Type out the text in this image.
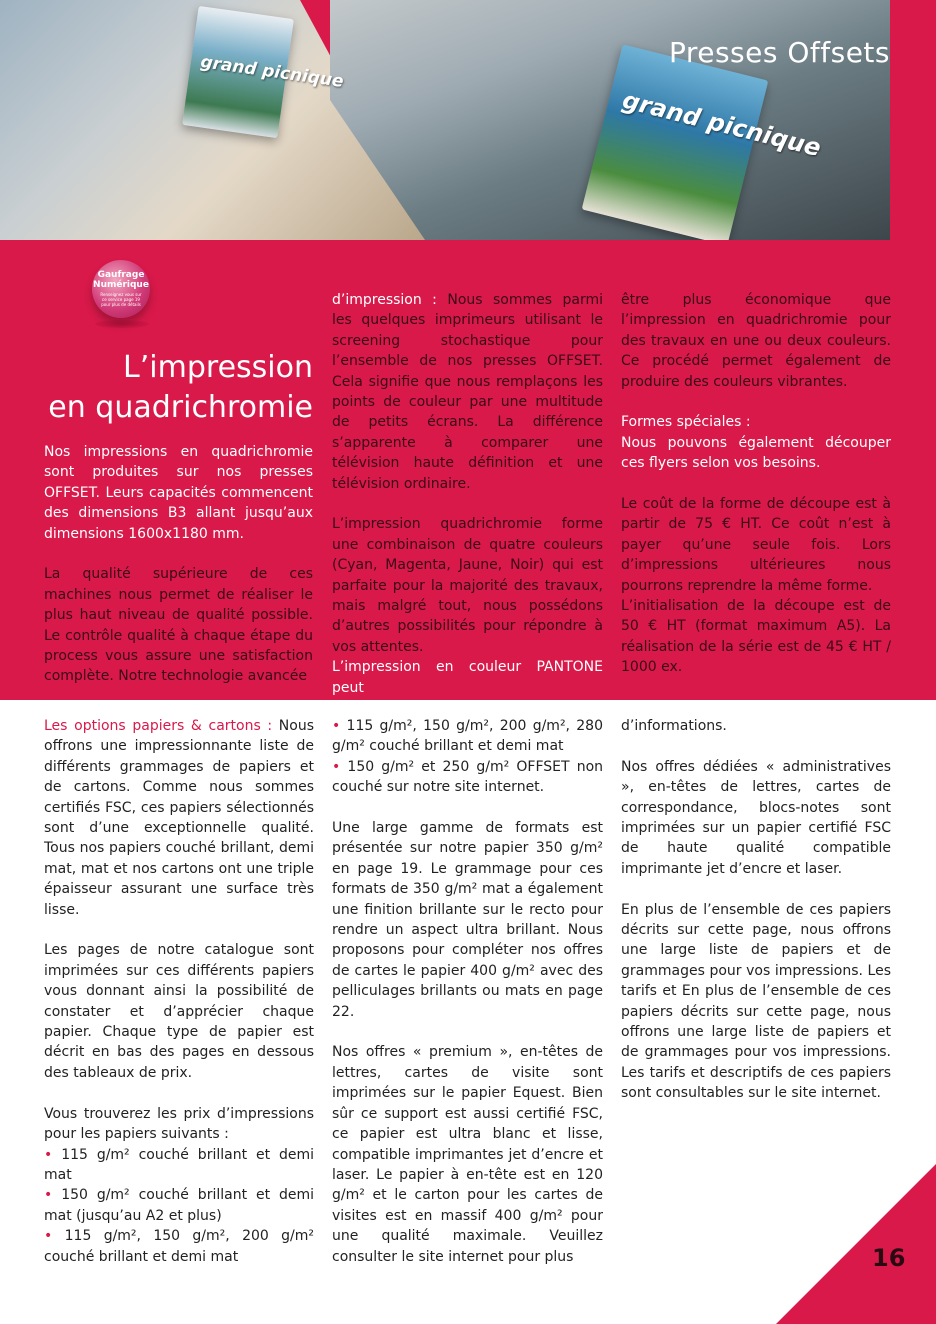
grand picnique
grand picnique
Presses Offsets
Gaufrage
Numérique
Renseignez vous sur ce service page 19 pour plus de détails
L’impression
en quadrichromie

Nos impressions en quadrichromie sont produites sur nos presses OFFSET. Leurs capacités commencent des dimensions B3 allant jusqu’aux dimensions 1600x1180 mm.

La qualité supérieure de ces machines nous permet de réaliser le plus haut niveau de qualité possible. Le contrôle qualité à chaque étape du process vous assure une satisfaction complète. Notre technologie avancée

d’impression : Nous sommes parmi les quelques imprimeurs utilisant le screening stochastique pour l’ensemble de nos presses OFFSET. Cela signifie que nous remplaçons les points de couleur par une multitude de petits écrans. La différence s’apparente à comparer une télévision haute définition et une télévision ordinaire.

L’impression quadrichromie forme une combinaison de quatre couleurs (Cyan, Magenta, Jaune, Noir) qui est parfaite pour la majorité des travaux, mais malgré tout, nous possédons d’autres possibilités pour répondre à vos attentes.

L’impression en couleur PANTONE peut

être plus économique que l’impression en quadrichromie pour des travaux en une ou deux couleurs. Ce procédé permet également de produire des couleurs vibrantes.

Formes spéciales :

Nous pouvons également découper ces flyers selon vos besoins.

Le coût de la forme de découpe est à partir de 75 € HT. Ce coût n’est à payer qu’une seule fois. Lors d’impressions ultérieures nous pourrons reprendre la même forme.

L’initialisation de la découpe est de 50 € HT (format maximum A5). La réalisation de la série est de 45 € HT / 1000 ex.

Les options papiers & cartons : Nous offrons une impressionnante liste de différents grammages de papiers et de cartons. Comme nous sommes certifiés FSC, ces papiers sélectionnés sont d’une exceptionnelle qualité. Tous nos papiers couché brillant, demi mat, mat et nos cartons ont une triple épaisseur assurant une surface très lisse.

Les pages de notre catalogue sont imprimées sur ces différents papiers vous donnant ainsi la possibilité de constater et d’apprécier chaque papier. Chaque type de papier est décrit en bas des pages en dessous des tableaux de prix.

Vous trouverez les prix d’impressions pour les papiers suivants :

• 115 g/m² couché brillant et demi mat

• 150 g/m² couché brillant et demi mat (jusqu’au A2 et plus)

• 115 g/m², 150 g/m², 200 g/m² couché brillant et demi mat

• 115 g/m², 150 g/m², 200 g/m², 280 g/m² couché brillant et demi mat

• 150 g/m² et 250 g/m² OFFSET non couché sur notre site internet.

Une large gamme de formats est présentée sur notre papier 350 g/m² en page 19. Le grammage pour ces formats de 350 g/m² mat a également une finition brillante sur le recto pour rendre un aspect ultra brillant. Nous proposons pour compléter nos offres de cartes le papier 400 g/m² avec des pelliculages brillants ou mats en page 22.

Nos offres « premium », en-têtes de lettres, cartes de visite sont imprimées sur le papier Equest. Bien sûr ce support est aussi certifié FSC, ce papier est ultra blanc et lisse, compatible imprimantes jet d’encre et laser. Le papier à en-tête est en 120 g/m² et le carton pour les cartes de visites est en massif 400 g/m² pour une qualité maximale. Veuillez consulter le site internet pour plus

d’informations.

Nos offres dédiées « administratives », en-têtes de lettres, cartes de correspondance, blocs-notes sont imprimées sur un papier certifié FSC de haute qualité compatible imprimante jet d’encre et laser.

En plus de l’ensemble de ces papiers décrits sur cette page, nous offrons une large liste de papiers et de grammages pour vos impressions. Les tarifs et En plus de l’ensemble de ces papiers décrits sur cette page, nous offrons une large liste de papiers et de grammages pour vos impressions. Les tarifs et descriptifs de ces papiers sont consultables sur le site internet.

16
